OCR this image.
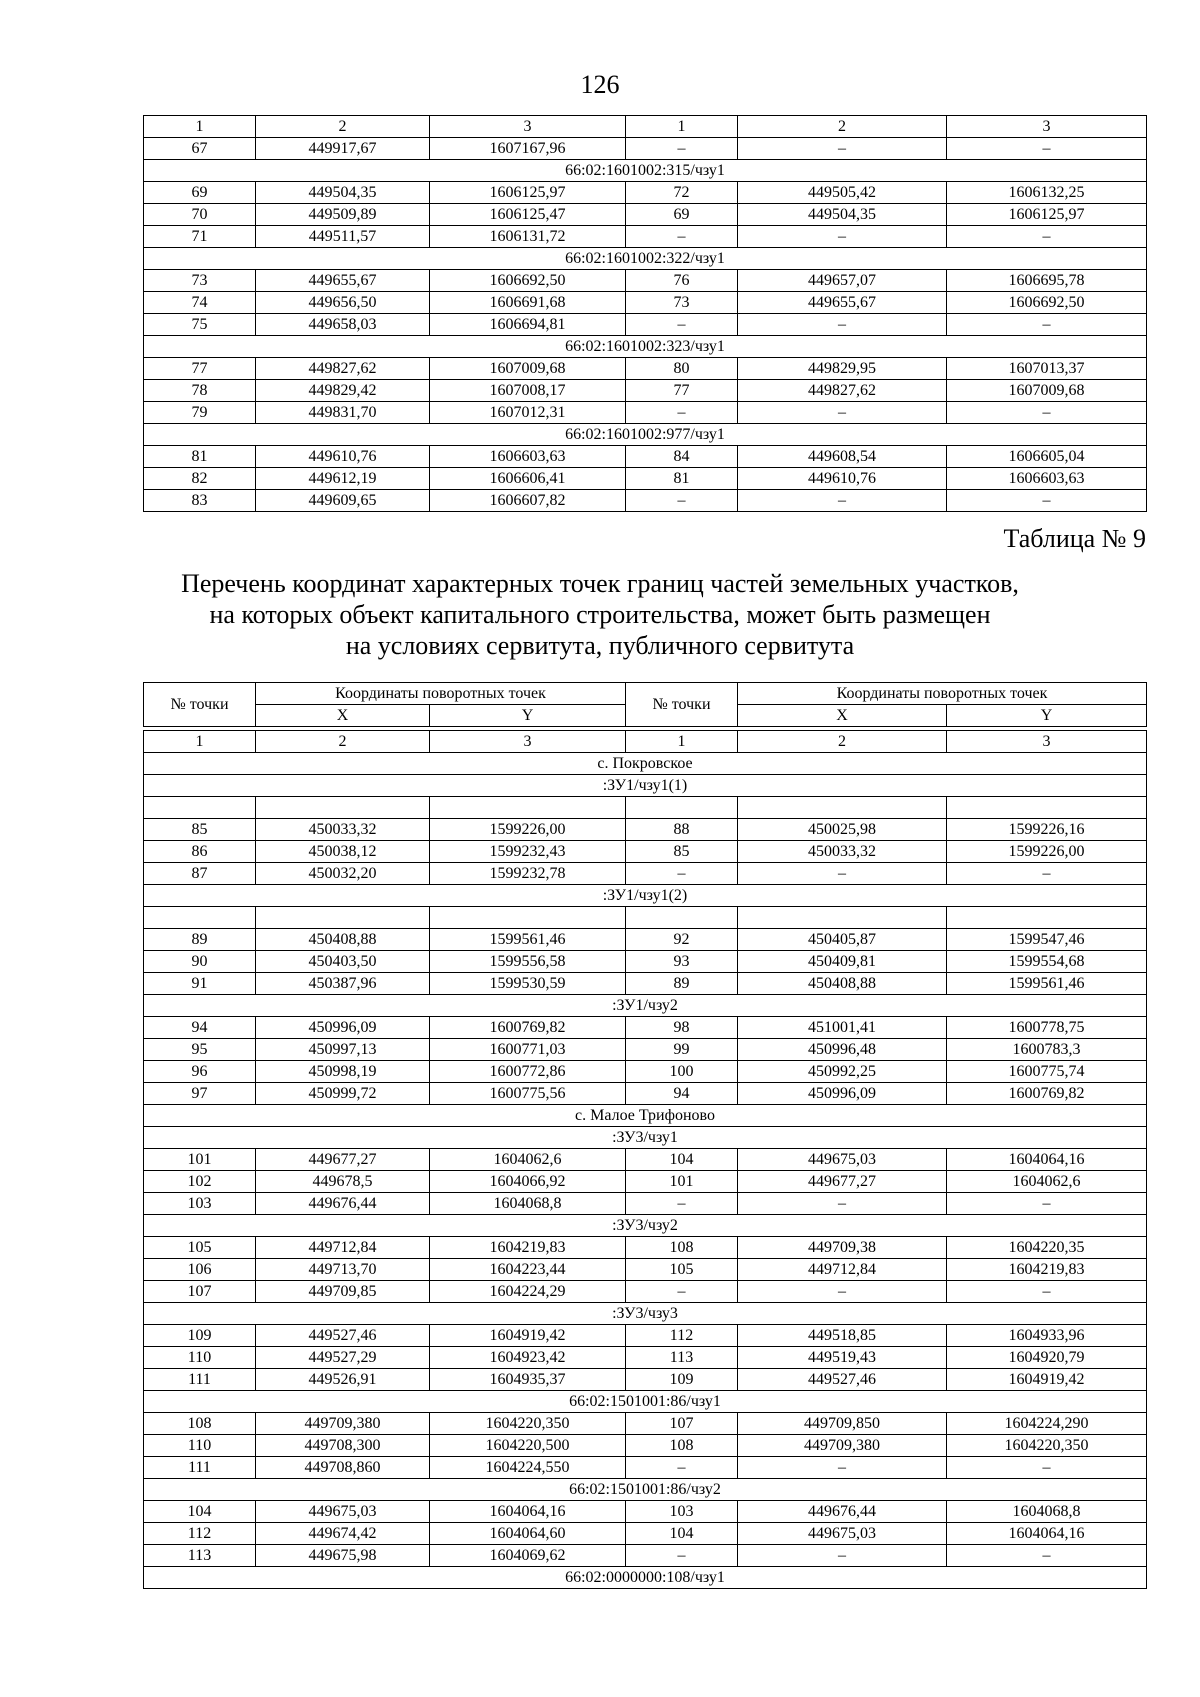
126
1	2	3	1	2	3
67	449917,67	1607167,96	–	–	–
66:02:1601002:315/чзу1					
69	449504,35	1606125,97	72	449505,42	1606132,25
70	449509,89	1606125,47	69	449504,35	1606125,97
71	449511,57	1606131,72	–	–	–
66:02:1601002:322/чзу1					
73	449655,67	1606692,50	76	449657,07	1606695,78
74	449656,50	1606691,68	73	449655,67	1606692,50
75	449658,03	1606694,81	–	–	–
66:02:1601002:323/чзу1					
77	449827,62	1607009,68	80	449829,95	1607013,37
78	449829,42	1607008,17	77	449827,62	1607009,68
79	449831,70	1607012,31	–	–	–
66:02:1601002:977/чзу1					
81	449610,76	1606603,63	84	449608,54	1606605,04
82	449612,19	1606606,41	81	449610,76	1606603,63
83	449609,65	1606607,82	–	–	–
Таблица № 9
Перечень координат характерных точек границ частей земельных участков,
на которых объект капитального строительства, может быть размещен
на условиях сервитута, публичного сервитута
№ точки	Координаты поворотных точек		№ точки	Координаты поворотных точек	
	X	Y		X	Y

1	2	3	1	2	3
с. Покровское					
:ЗУ1/чзу1(1)					

85	450033,32	1599226,00	88	450025,98	1599226,16
86	450038,12	1599232,43	85	450033,32	1599226,00
87	450032,20	1599232,78	–	–	–
:ЗУ1/чзу1(2)					

89	450408,88	1599561,46	92	450405,87	1599547,46
90	450403,50	1599556,58	93	450409,81	1599554,68
91	450387,96	1599530,59	89	450408,88	1599561,46
:ЗУ1/чзу2					
94	450996,09	1600769,82	98	451001,41	1600778,75
95	450997,13	1600771,03	99	450996,48	1600783,3
96	450998,19	1600772,86	100	450992,25	1600775,74
97	450999,72	1600775,56	94	450996,09	1600769,82
с. Малое Трифоново					
:ЗУ3/чзу1					
101	449677,27	1604062,6	104	449675,03	1604064,16
102	449678,5	1604066,92	101	449677,27	1604062,6
103	449676,44	1604068,8	–	–	–
:ЗУ3/чзу2					
105	449712,84	1604219,83	108	449709,38	1604220,35
106	449713,70	1604223,44	105	449712,84	1604219,83
107	449709,85	1604224,29	–	–	–
:ЗУ3/чзу3					
109	449527,46	1604919,42	112	449518,85	1604933,96
110	449527,29	1604923,42	113	449519,43	1604920,79
111	449526,91	1604935,37	109	449527,46	1604919,42
66:02:1501001:86/чзу1					
108	449709,380	1604220,350	107	449709,850	1604224,290
110	449708,300	1604220,500	108	449709,380	1604220,350
111	449708,860	1604224,550	–	–	–
66:02:1501001:86/чзу2					
104	449675,03	1604064,16	103	449676,44	1604068,8
112	449674,42	1604064,60	104	449675,03	1604064,16
113	449675,98	1604069,62	–	–	–
66:02:0000000:108/чзу1					
